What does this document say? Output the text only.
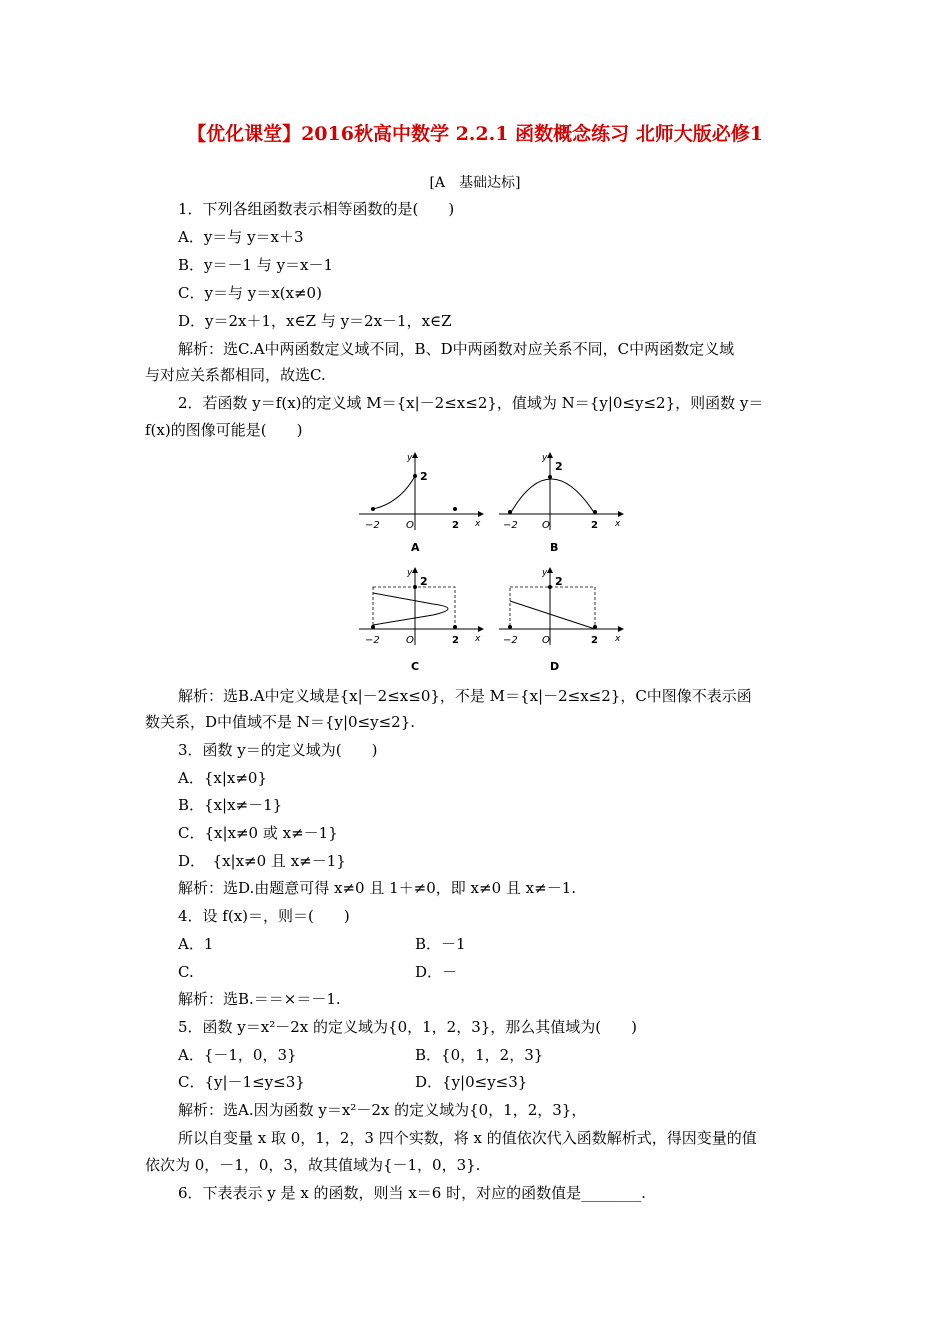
【优化课堂】2016秋高中数学 2.2.1 函数概念练习 北师大版必修1
[A　基础达标]
1．下列各组函数表示相等函数的是(　　)
A．y＝与 y＝x＋3
B．y＝－1 与 y＝x－1
C．y＝与 y＝x(x≠0)
D．y＝2x＋1，x∈Z 与 y＝2x－1，x∈Z
解析：选C.A中两函数定义域不同，B、D中两函数对应关系不同，C中两函数定义域
与对应关系都相同，故选C.
2．若函数 y＝f(x)的定义域 M＝{x|－2≤x≤2}，值域为 N＝{y|0≤y≤2}，则函数 y＝
f(x)的图像可能是(　　)
−2	O	2
2
x
y
A
−2 O	2
2
x
y
B
−2	O	2
2
x
y
C
−2 O	2
2
x
y
D
解析：选B.A中定义域是{x|－2≤x≤0}，不是 M＝{x|－2≤x≤2}，C中图像不表示函
数关系，D中值域不是 N＝{y|0≤y≤2}.
3．函数 y＝的定义域为(　　)
A．{x|x≠0}
B．{x|x≠－1}
C．{x|x≠0 或 x≠－1}
D．　{x|x≠0 且 x≠－1}
解析：选D.由题意可得 x≠0 且 1＋≠0，即 x≠0 且 x≠－1.
4．设 f(x)＝，则＝(　　)
A．1	B．－1
C.	D．－
解析：选B.＝＝×＝－1.
5．函数 y＝x²－2x 的定义域为{0，1，2，3}，那么其值域为(　　)
A．{－1，0，3}	B．{0，1，2，3}
C．{y|－1≤y≤3}	D．{y|0≤y≤3}
解析：选A.因为函数 y＝x²－2x 的定义域为{0，1，2，3}，
所以自变量 x 取 0，1，2，3 四个实数，将 x 的值依次代入函数解析式，得因变量的值
依次为 0，－1，0，3，故其值域为{－1，0，3}.
6．下表表示 y 是 x 的函数，则当 x＝6 时，对应的函数值是________.
